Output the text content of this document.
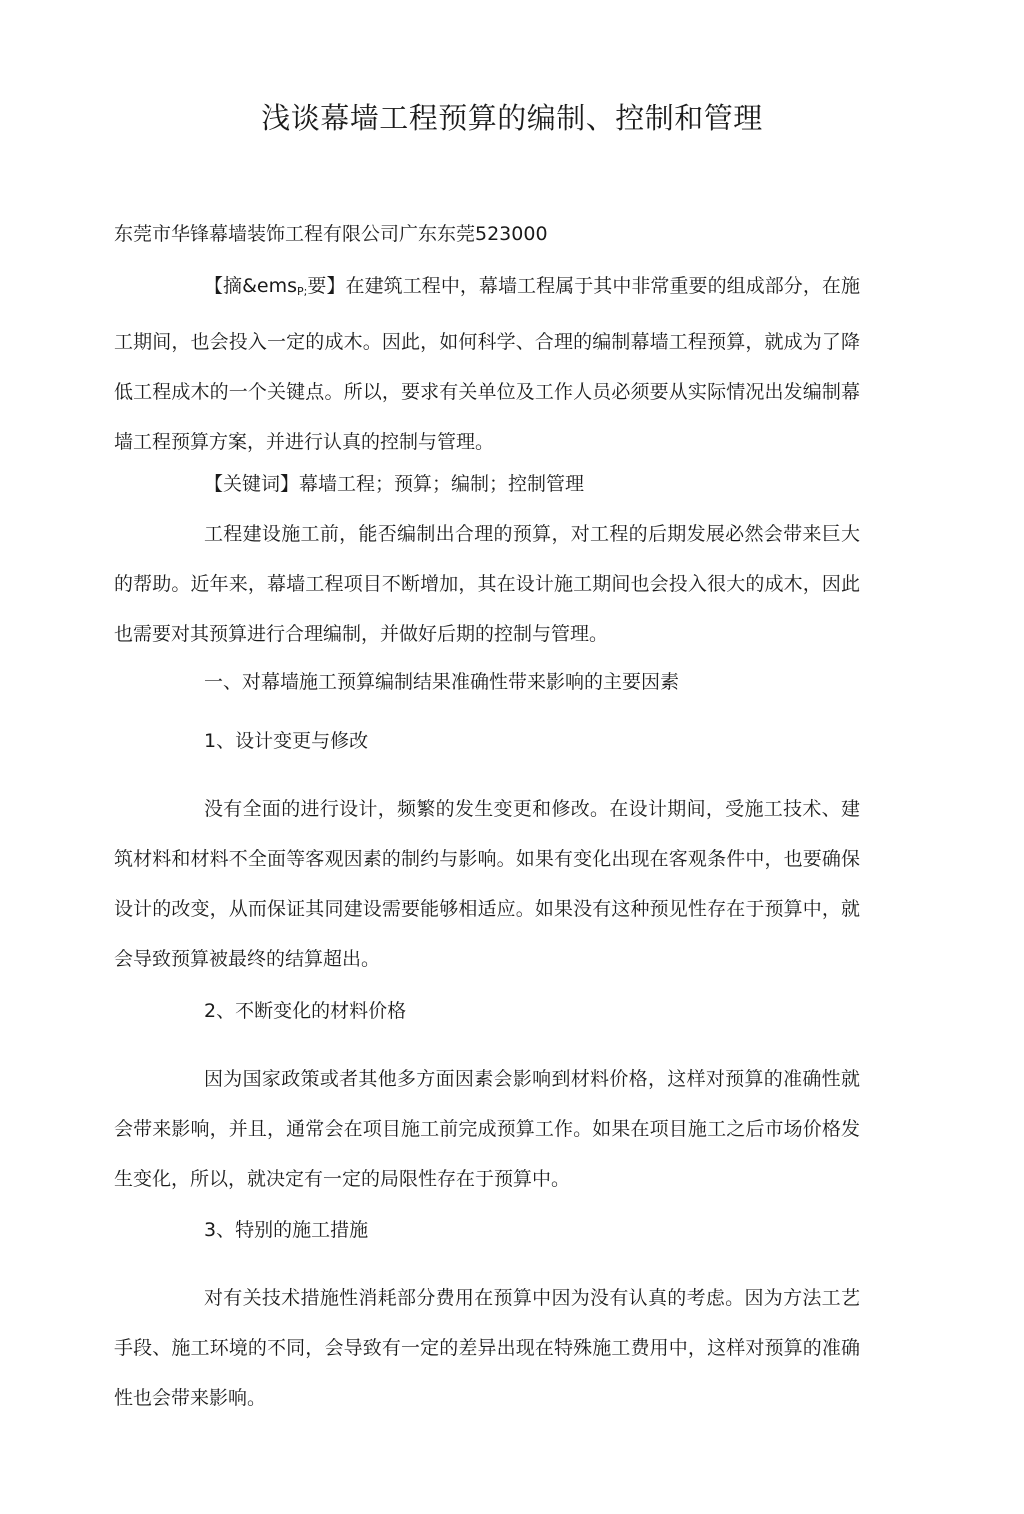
浅谈幕墙工程预算的编制、控制和管理

东莞市华锋幕墙装饰工程有限公司广东东莞523000

【摘&ems$_{P;}$要】在建筑工程中，幕墙工程属于其中非常重要的组成部分，在施工期间，也会投入一定的成木。因此，如何科学、合理的编制幕墙工程预算，就成为了降低工程成木的一个关键点。所以，要求有关单位及工作人员必须要从实际情况出发编制幕墙工程预算方案，并进行认真的控制与管理。

【关键词】幕墙工程；预算；编制；控制管理

工程建设施工前，能否编制出合理的预算，对工程的后期发展必然会带来巨大的帮助。近年来，幕墙工程项目不断增加，其在设计施工期间也会投入很大的成木，因此也需要对其预算进行合理编制，并做好后期的控制与管理。

一、对幕墙施工预算编制结果准确性带来影响的主要因素

1、设计变更与修改

没有全面的进行设计，频繁的发生变更和修改。在设计期间，受施工技术、建筑材料和材料不全面等客观因素的制约与影响。如果有变化出现在客观条件中，也要确保设计的改变，从而保证其同建设需要能够相适应。如果没有这种预见性存在于预算中，就会导致预算被最终的结算超出。

2、不断变化的材料价格

因为国家政策或者其他多方面因素会影响到材料价格，这样对预算的准确性就会带来影响，并且，通常会在项目施工前完成预算工作。如果在项目施工之后市场价格发生变化，所以，就决定有一定的局限性存在于预算中。

3、特别的施工措施

对有关技术措施性消耗部分费用在预算中因为没有认真的考虑。因为方法工艺手段、施工环境的不同，会导致有一定的差异出现在特殊施工费用中，这样对预算的准确性也会带来影响。
